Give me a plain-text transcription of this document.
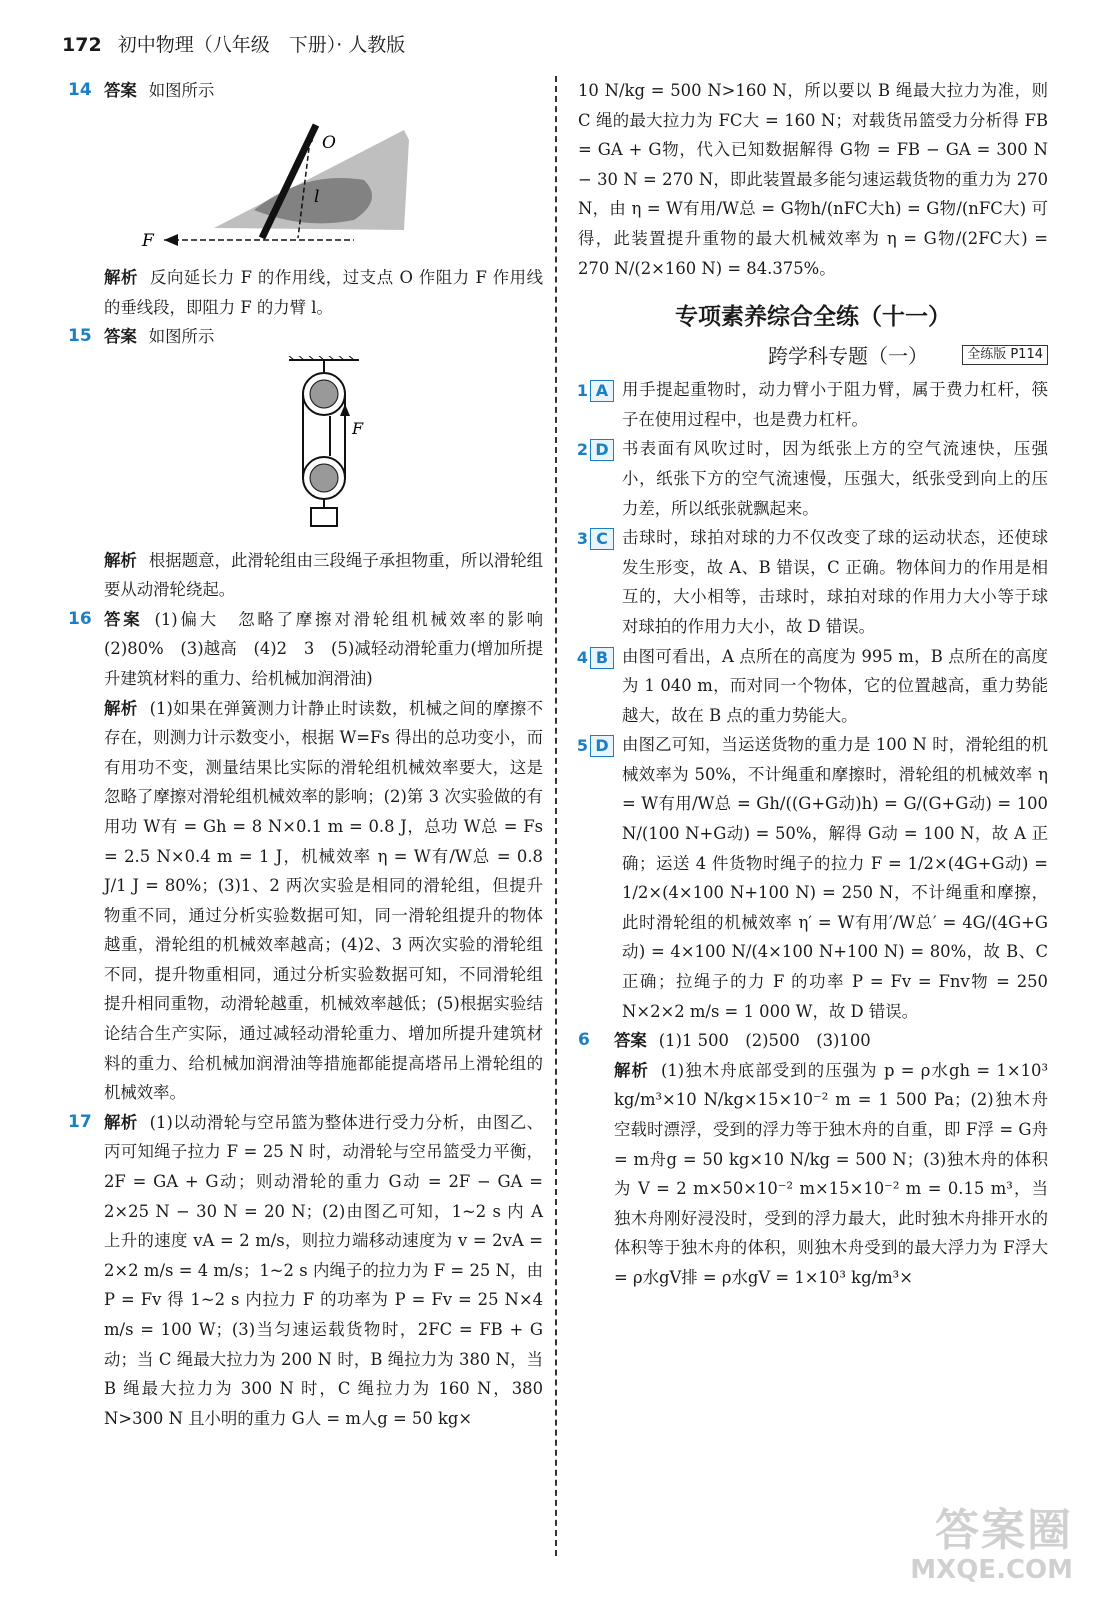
172 初中物理（八年级　下册）· 人教版
14 答案 如图所示
O
l
F
解析 反向延长力 F 的作用线，过支点 O 作阻力 F 作用线的垂线段，即阻力 F 的力臂 l。
15 答案 如图所示
F
解析 根据题意，此滑轮组由三段绳子承担物重，所以滑轮组要从动滑轮绕起。
16 答案 (1)偏大　忽略了摩擦对滑轮组机械效率的影响　(2)80%　(3)越高　(4)2　3　(5)减轻动滑轮重力(增加所提升建筑材料的重力、给机械加润滑油)
解析 (1)如果在弹簧测力计静止时读数，机械之间的摩擦不存在，则测力计示数变小，根据 W=Fs 得出的总功变小，而有用功不变，测量结果比实际的滑轮组机械效率要大，这是忽略了摩擦对滑轮组机械效率的影响；(2)第 3 次实验做的有用功 W有 = Gh = 8 N×0.1 m = 0.8 J，总功 W总 = Fs = 2.5 N×0.4 m = 1 J，机械效率 η = W有/W总 = 0.8 J/1 J = 80%；(3)1、2 两次实验是相同的滑轮组，但提升物重不同，通过分析实验数据可知，同一滑轮组提升的物体越重，滑轮组的机械效率越高；(4)2、3 两次实验的滑轮组不同，提升物重相同，通过分析实验数据可知，不同滑轮组提升相同重物，动滑轮越重，机械效率越低；(5)根据实验结论结合生产实际，通过减轻动滑轮重力、增加所提升建筑材料的重力、给机械加润滑油等措施都能提高塔吊上滑轮组的机械效率。
17 解析 (1)以动滑轮与空吊篮为整体进行受力分析，由图乙、丙可知绳子拉力 F = 25 N 时，动滑轮与空吊篮受力平衡，2F = GA + G动；则动滑轮的重力 G动 = 2F − GA = 2×25 N − 30 N = 20 N；(2)由图乙可知，1~2 s 内 A 上升的速度 vA = 2 m/s，则拉力端移动速度为 v = 2vA = 2×2 m/s = 4 m/s；1~2 s 内绳子的拉力为 F = 25 N，由 P = Fv 得 1~2 s 内拉力 F 的功率为 P = Fv = 25 N×4 m/s = 100 W；(3)当匀速运载货物时，2FC = FB + G动；当 C 绳最大拉力为 200 N 时，B 绳拉力为 380 N，当 B 绳最大拉力为 300 N 时，C 绳拉力为 160 N，380 N>300 N 且小明的重力 G人 = m人g = 50 kg×
10 N/kg = 500 N>160 N，所以要以 B 绳最大拉力为准，则 C 绳的最大拉力为 FC大 = 160 N；对载货吊篮受力分析得 FB = GA + G物，代入已知数据解得 G物 = FB − GA = 300 N − 30 N = 270 N，即此装置最多能匀速运载货物的重力为 270 N，由 η = W有用/W总 = G物h/(nFC大h) = G物/(nFC大) 可得，此装置提升重物的最大机械效率为 η = G物/(2FC大) = 270 N/(2×160 N) = 84.375%。
专项素养综合全练（十一）
跨学科专题（一）	全练版 P114
1 A 用手提起重物时，动力臂小于阻力臂，属于费力杠杆，筷子在使用过程中，也是费力杠杆。
2 D 书表面有风吹过时，因为纸张上方的空气流速快，压强小，纸张下方的空气流速慢，压强大，纸张受到向上的压力差，所以纸张就飘起来。
3 C 击球时，球拍对球的力不仅改变了球的运动状态，还使球发生形变，故 A、B 错误，C 正确。物体间力的作用是相互的，大小相等，击球时，球拍对球的作用力大小等于球对球拍的作用力大小，故 D 错误。
4 B 由图可看出，A 点所在的高度为 995 m，B 点所在的高度为 1 040 m，而对同一个物体，它的位置越高，重力势能越大，故在 B 点的重力势能大。
5 D 由图乙可知，当运送货物的重力是 100 N 时，滑轮组的机械效率为 50%，不计绳重和摩擦时，滑轮组的机械效率 η = W有用/W总 = Gh/((G+G动)h) = G/(G+G动) = 100 N/(100 N+G动) = 50%，解得 G动 = 100 N，故 A 正确；运送 4 件货物时绳子的拉力 F = 1/2×(4G+G动) = 1/2×(4×100 N+100 N) = 250 N，不计绳重和摩擦，此时滑轮组的机械效率 η′ = W有用′/W总′ = 4G/(4G+G动) = 4×100 N/(4×100 N+100 N) = 80%，故 B、C 正确；拉绳子的力 F 的功率 P = Fv = Fnv物 = 250 N×2×2 m/s = 1 000 W，故 D 错误。
6	答案 (1)1 500　(2)500　(3)100
解析 (1)独木舟底部受到的压强为 p = ρ水gh = 1×10³ kg/m³×10 N/kg×15×10⁻² m = 1 500 Pa；(2)独木舟空载时漂浮，受到的浮力等于独木舟的自重，即 F浮 = G舟 = m舟g = 50 kg×10 N/kg = 500 N；(3)独木舟的体积为 V = 2 m×50×10⁻² m×15×10⁻² m = 0.15 m³，当独木舟刚好浸没时，受到的浮力最大，此时独木舟排开水的体积等于独木舟的体积，则独木舟受到的最大浮力为 F浮大 = ρ水gV排 = ρ水gV = 1×10³ kg/m³×
答案圈
MXQE.COM
